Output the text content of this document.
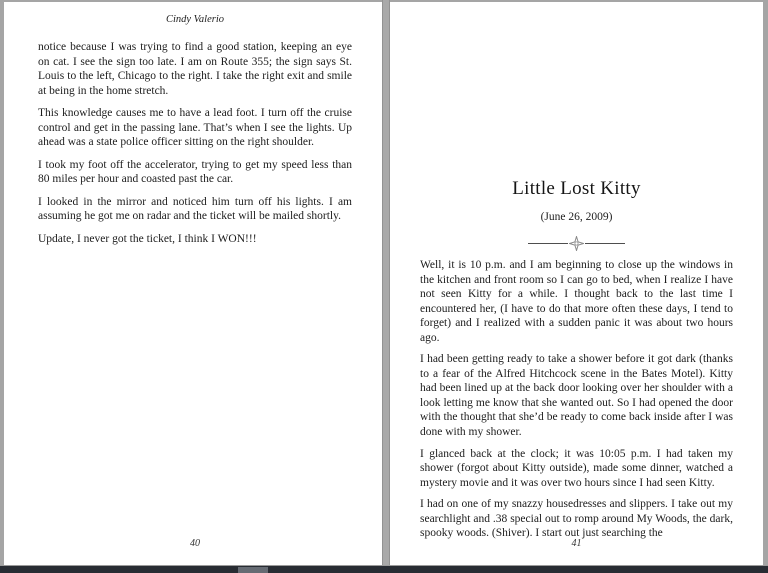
Cindy Valerio

notice because I was trying to find a good station, keeping an eye on cat. I see the sign too late. I am on Route 355; the sign says St. Louis to the left, Chicago to the right. I take the right exit and smile at being in the home stretch.

This knowledge causes me to have a lead foot. I turn off the cruise control and get in the passing lane. That’s when I see the lights. Up ahead was a state police officer sitting on the right shoulder.

I took my foot off the accelerator, trying to get my speed less than 80 miles per hour and coasted past the car.

I looked in the mirror and noticed him turn off his lights. I am assuming he got me on radar and the ticket will be mailed shortly.

Update, I never got the ticket, I think I WON!!!

40
Little Lost Kitty
(June 26, 2009)

Well, it is 10 p.m. and I am beginning to close up the windows in the kitchen and front room so I can go to bed, when I realize I have not seen Kitty for a while. I thought back to the last time I encountered her, (I have to do that more often these days, I tend to forget) and I realized with a sudden panic it was about two hours ago.

I had been getting ready to take a shower before it got dark (thanks to a fear of the Alfred Hitchcock scene in the Bates Motel). Kitty had been lined up at the back door looking over her shoulder with a look letting me know that she wanted out. So I had opened the door with the thought that she’d be ready to come back inside after I was done with my shower.

I glanced back at the clock; it was 10:05 p.m. I had taken my shower (forgot about Kitty outside), made some dinner, watched a mystery movie and it was over two hours since I had seen Kitty.

I had on one of my snazzy housedresses and slippers. I take out my searchlight and .38 special out to romp around My Woods, the dark, spooky woods. (Shiver). I start out just searching the

41
